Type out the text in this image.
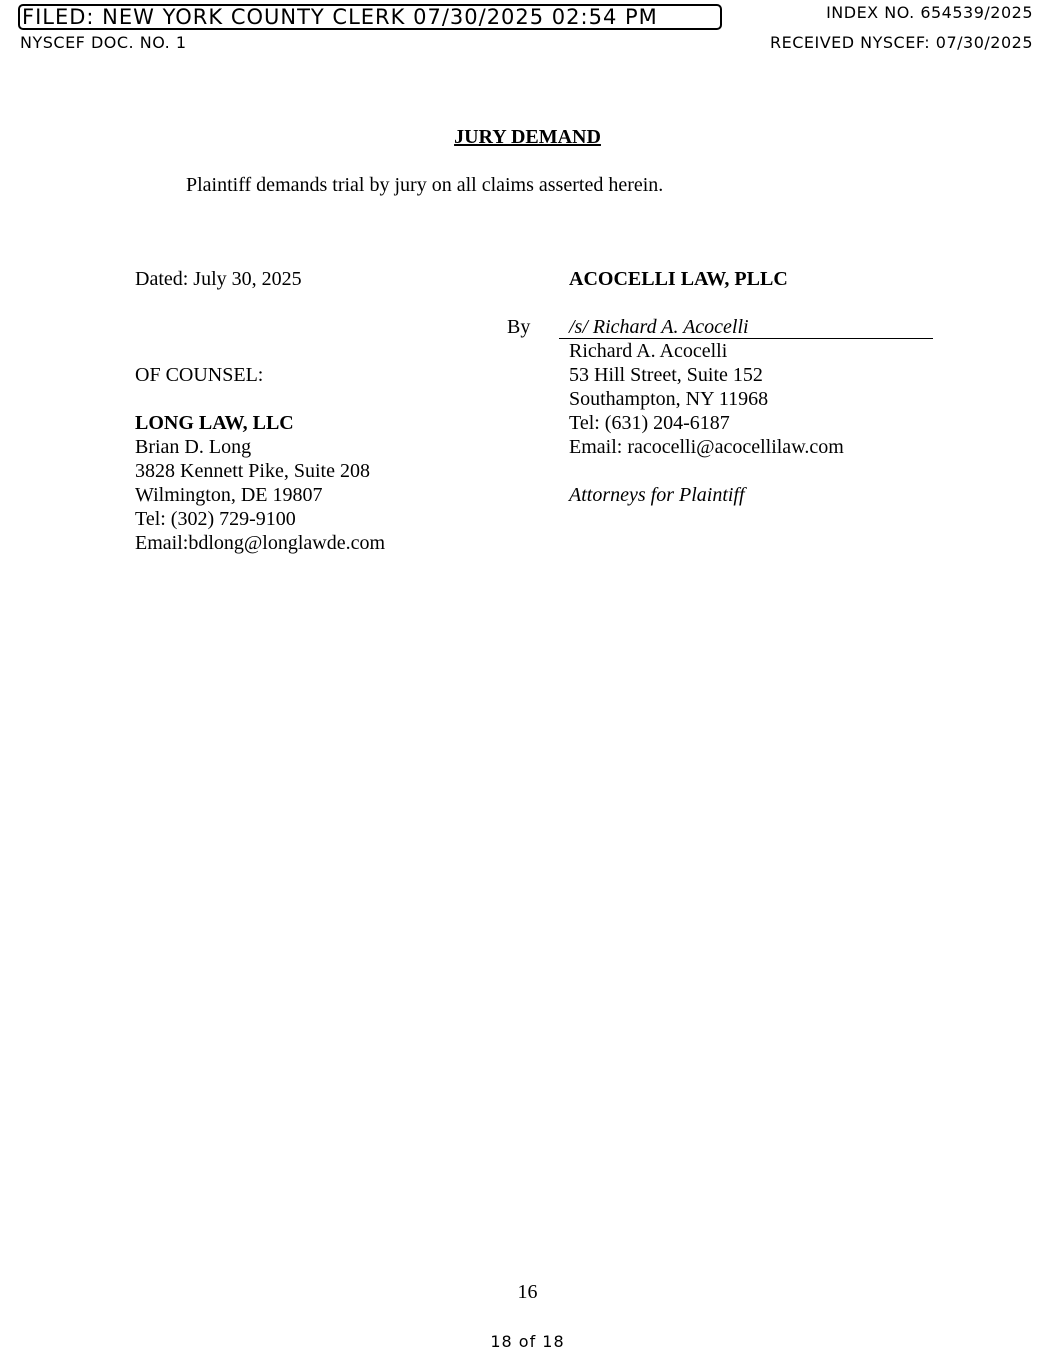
FILED: NEW YORK COUNTY CLERK 07/30/2025 02:54 PM	INDEX NO. 654539/2025
NYSCEF DOC. NO. 1	RECEIVED NYSCEF: 07/30/2025
JURY DEMAND
Plaintiff demands trial by jury on all claims asserted herein.
Dated: July 30, 2025
OF COUNSEL:
LONG LAW, LLC
Brian D. Long
3828 Kennett Pike, Suite 208
Wilmington, DE 19807
Tel: (302) 729-9100
Email:bdlong@longlawde.com
By
ACOCELLI LAW, PLLC
/s/ Richard A. Acocelli
Richard A. Acocelli
53 Hill Street, Suite 152
Southampton, NY 11968
Tel: (631) 204-6187
Email: racocelli@acocellilaw.com
Attorneys for Plaintiff
16
18 of 18
